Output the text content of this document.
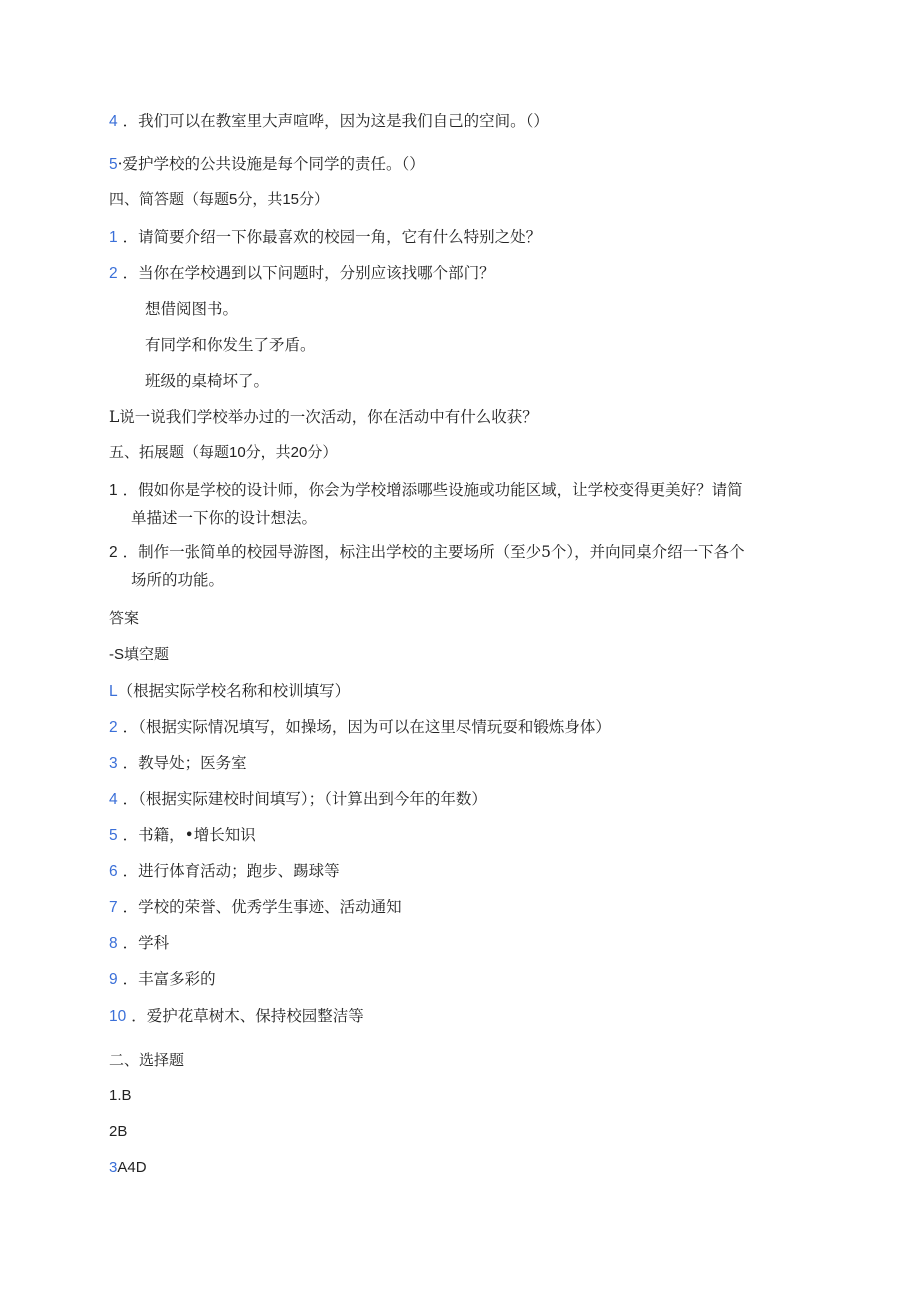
4 ．我们可以在教室里大声喧哗，因为这是我们自己的空间。（）
5·爱护学校的公共设施是每个同学的责任。（）
四、简答题（每题5分，共15分）
1 ．请简要介绍一下你最喜欢的校园一角，它有什么特别之处？
2 ．当你在学校遇到以下问题时，分别应该找哪个部门？
想借阅图书。
有同学和你发生了矛盾。
班级的桌椅坏了。
L说一说我们学校举办过的一次活动，你在活动中有什么收获？
五、拓展题（每题10分，共20分）
1 ．假如你是学校的设计师，你会为学校增添哪些设施或功能区域，让学校变得更美好？请简
单描述一下你的设计想法。
2 ．制作一张简单的校园导游图，标注出学校的主要场所（至少5个），并向同桌介绍一下各个
场所的功能。
答案
-S填空题
L（根据实际学校名称和校训填写）
2 ．（根据实际情况填写，如操场，因为可以在这里尽情玩耍和锻炼身体）
3 ．教导处；医务室
4 ．（根据实际建校时间填写）；（计算出到今年的年数）
5 ．书籍，•增长知识
6 ．进行体育活动；跑步、踢球等
7 ．学校的荣誉、优秀学生事迹、活动通知
8 ．学科
9 ．丰富多彩的
10 ．爱护花草树木、保持校园整洁等
二、选择题
1.B
2B
3A4D
